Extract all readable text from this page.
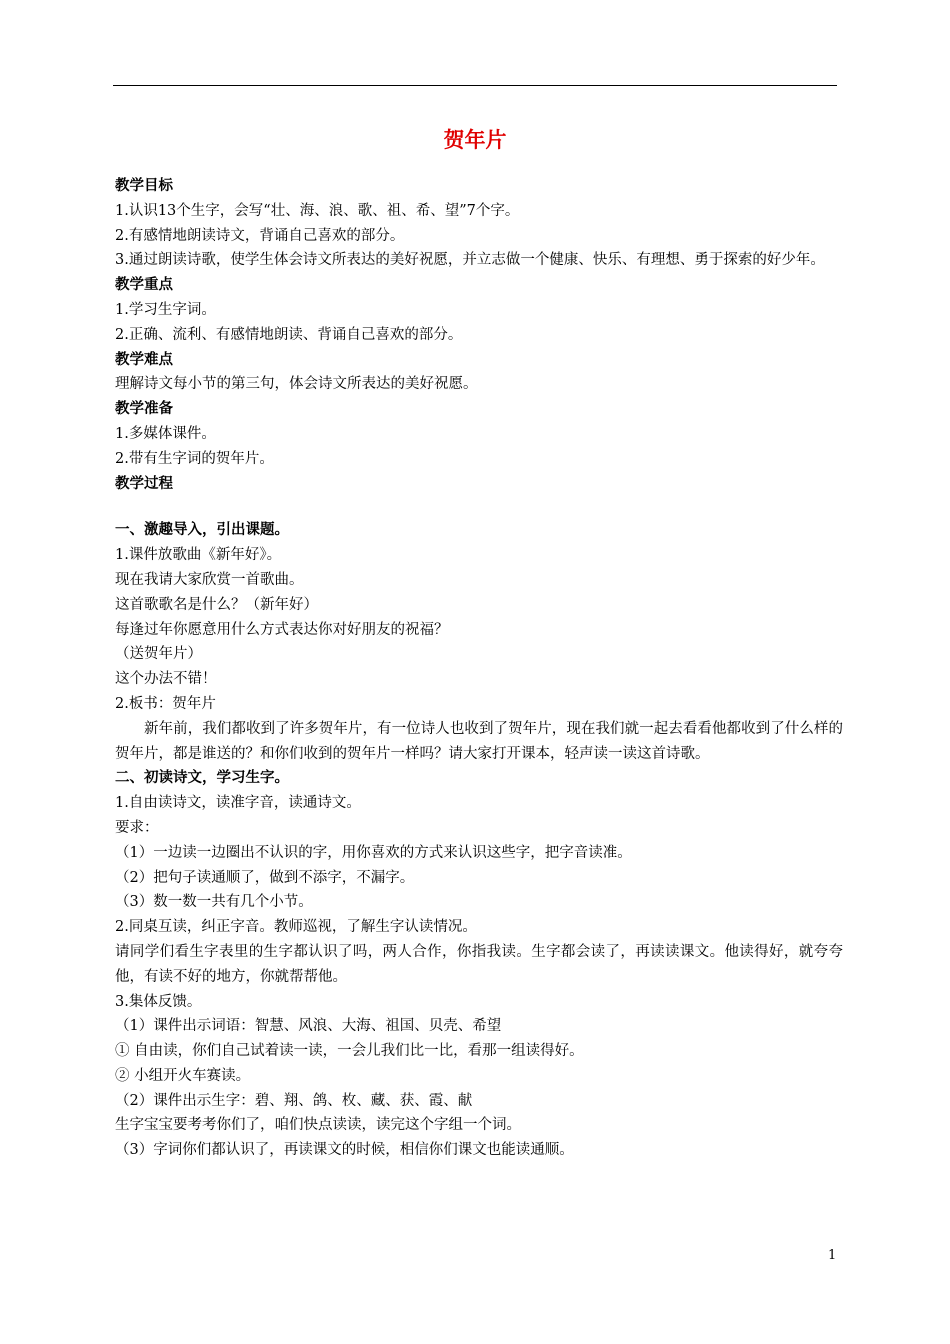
贺年片
教学目标
1.认识13个生字，会写“壮、海、浪、歌、祖、希、望”7个字。
2.有感情地朗读诗文，背诵自己喜欢的部分。
3.通过朗读诗歌，使学生体会诗文所表达的美好祝愿，并立志做一个健康、快乐、有理想、勇于探索的好少年。
教学重点
1.学习生字词。
2.正确、流利、有感情地朗读、背诵自己喜欢的部分。
教学难点
理解诗文每小节的第三句，体会诗文所表达的美好祝愿。
教学准备
1.多媒体课件。
2.带有生字词的贺年片。
教学过程
一、激趣导入，引出课题。
1.课件放歌曲《新年好》。
现在我请大家欣赏一首歌曲。
这首歌歌名是什么？（新年好）
每逢过年你愿意用什么方式表达你对好朋友的祝福？
（送贺年片）
这个办法不错！
2.板书：贺年片
新年前，我们都收到了许多贺年片，有一位诗人也收到了贺年片，现在我们就一起去看看他都收到了什么样的贺年片，都是谁送的？和你们收到的贺年片一样吗？请大家打开课本，轻声读一读这首诗歌。
二、初读诗文，学习生字。
1.自由读诗文，读准字音，读通诗文。
要求：
（1）一边读一边圈出不认识的字，用你喜欢的方式来认识这些字，把字音读准。
（2）把句子读通顺了，做到不添字，不漏字。
（3）数一数一共有几个小节。
2.同桌互读，纠正字音。教师巡视，了解生字认读情况。
请同学们看生字表里的生字都认识了吗，两人合作，你指我读。生字都会读了，再读读课文。他读得好，就夸夸他，有读不好的地方，你就帮帮他。
3.集体反馈。
（1）课件出示词语：智慧、风浪、大海、祖国、贝壳、希望
① 自由读，你们自己试着读一读，一会儿我们比一比，看那一组读得好。
② 小组开火车赛读。
（2）课件出示生字：碧、翔、鸽、枚、藏、获、霞、献
生字宝宝要考考你们了，咱们快点读读，读完这个字组一个词。
（3）字词你们都认识了，再读课文的时候，相信你们课文也能读通顺。
1
